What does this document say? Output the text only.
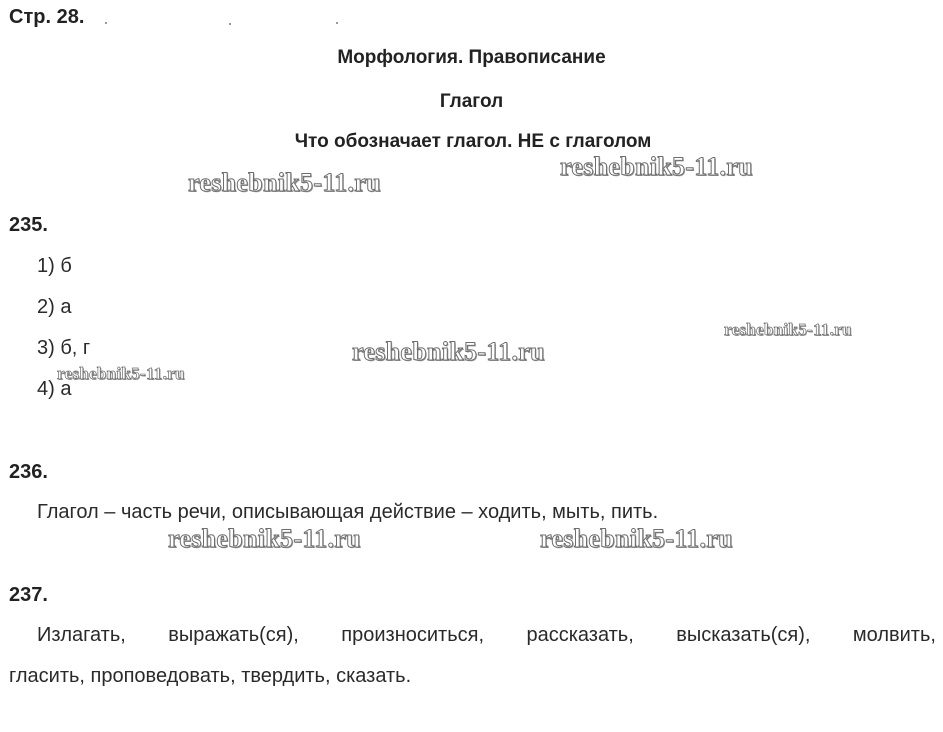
Стр. 28.
Морфология. Правописание
Глагол
Что обозначает глагол. НЕ с глаголом
reshebnik5-11.ru
reshebnik5-11.ru
reshebnik5-11.ru
reshebnik5-11.ru
reshebnik5-11.ru	reshebnik5-11.ru
235.
1) б
2) а
3) б, г
4) а
reshebnik5-11.ru
236.
Глагол – часть речи, описывающая действие – ходить, мыть, пить.
237.
Излагать, выражать(ся), произноситься, рассказать, высказать(ся), молвить,
гласить, проповедовать, твердить, сказать.
